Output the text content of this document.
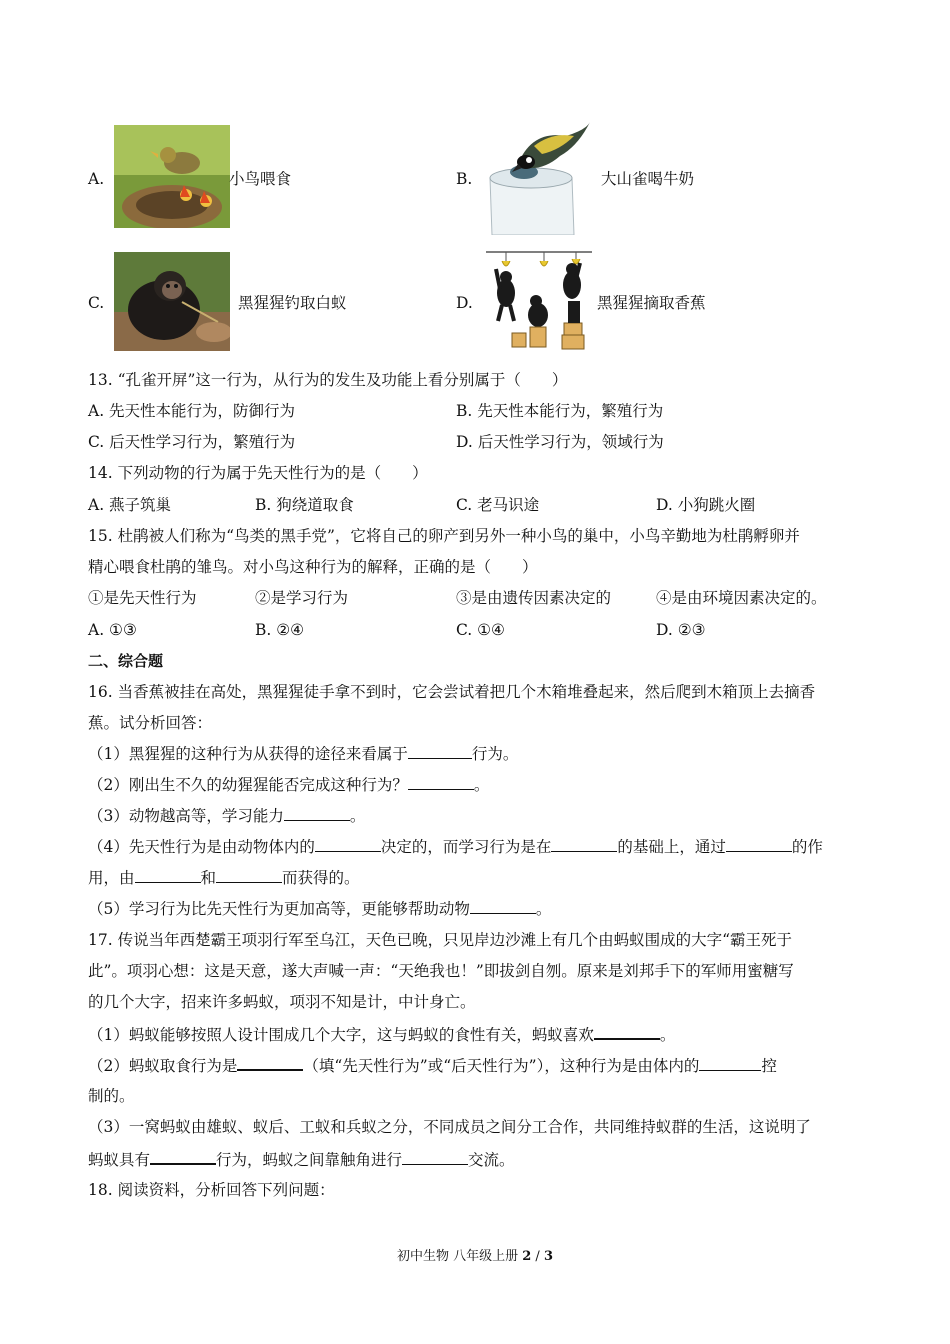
A.	小鸟喂食	B.	大山雀喝牛奶
C.	黑猩猩钓取白蚁	D.	黑猩猩摘取香蕉
13. “孔雀开屏”这一行为，从行为的发生及功能上看分别属于（　　）
A. 先天性本能行为，防御行为	B. 先天性本能行为，繁殖行为
C. 后天性学习行为，繁殖行为	D. 后天性学习行为，领域行为
14. 下列动物的行为属于先天性行为的是（　　）
A. 燕子筑巢	B. 狗绕道取食	C. 老马识途	D. 小狗跳火圈
15. 杜鹃被人们称为“鸟类的黑手党”，它将自己的卵产到另外一种小鸟的巢中，小鸟辛勤地为杜鹃孵卵并
精心喂食杜鹃的雏鸟。对小鸟这种行为的解释，正确的是（　　）
①是先天性行为	②是学习行为	③是由遗传因素决定的	④是由环境因素决定的。
A. ①③	B. ②④	C. ①④	D. ②③
二、综合题
16. 当香蕉被挂在高处，黑猩猩徒手拿不到时，它会尝试着把几个木箱堆叠起来，然后爬到木箱顶上去摘香
蕉。试分析回答：
（1）黑猩猩的这种行为从获得的途径来看属于	行为。
（2）刚出生不久的幼猩猩能否完成这种行为？	。
（3）动物越高等，学习能力	。
（4）先天性行为是由动物体内的	决定的，而学习行为是在	的基础上，通过	的作
用，由	和	而获得的。
（5）学习行为比先天性行为更加高等，更能够帮助动物	。
17. 传说当年西楚霸王项羽行军至乌江，天色已晚，只见岸边沙滩上有几个由蚂蚁围成的大字“霸王死于
此”。项羽心想：这是天意，遂大声喊一声：“天绝我也！”即拔剑自刎。原来是刘邦手下的军师用蜜糖写
的几个大字，招来许多蚂蚁，项羽不知是计，中计身亡。
（1）蚂蚁能够按照人设计围成几个大字，这与蚂蚁的食性有关，蚂蚁喜欢	。
（2）蚂蚁取食行为是	（填“先天性行为”或“后天性行为”），这种行为是由体内的	控
制的。
（3）一窝蚂蚁由雄蚁、蚁后、工蚁和兵蚁之分，不同成员之间分工合作，共同维持蚁群的生活，这说明了
蚂蚁具有	行为，蚂蚁之间靠触角进行	交流。
18. 阅读资料，分析回答下列问题：
初中生物 八年级上册 2 / 3
